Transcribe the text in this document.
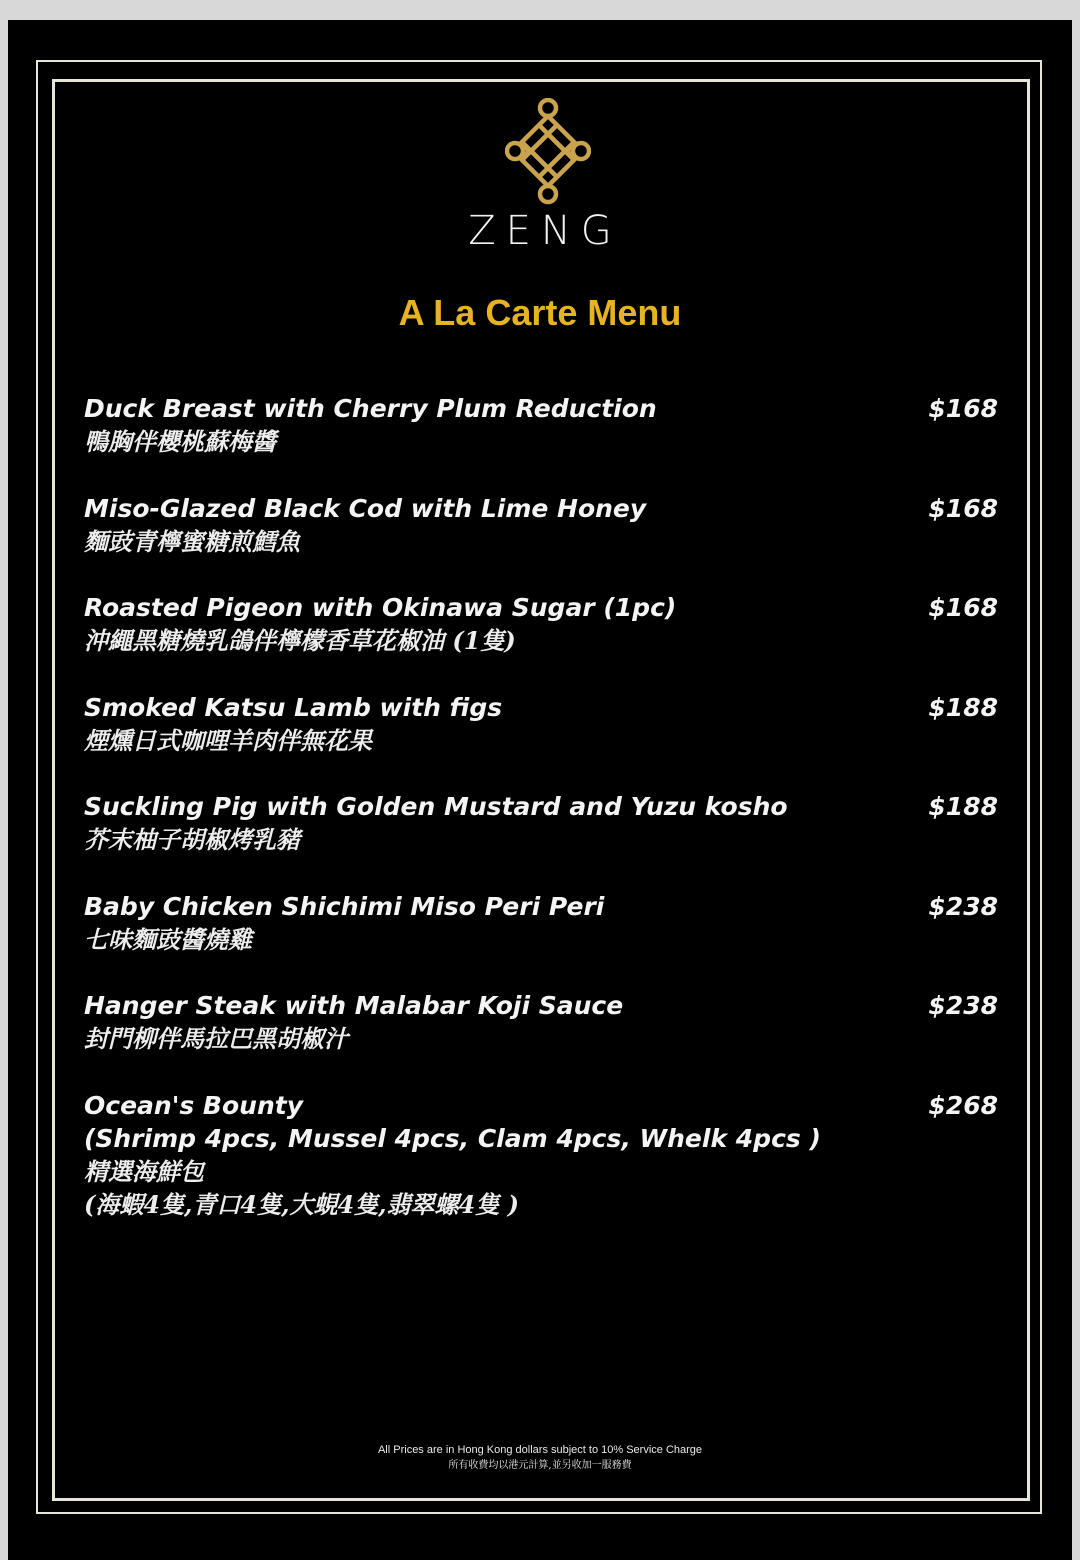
ZENG
A La Carte Menu
Duck Breast with Cherry Plum Reduction
鴨胸伴櫻桃蘇梅醬
$168
Miso-Glazed Black Cod with Lime Honey
麵豉青檸蜜糖煎鱈魚
$168
Roasted Pigeon with Okinawa Sugar (1pc)
沖繩黑糖燒乳鴿伴檸檬香草花椒油 (1隻)
$168
Smoked Katsu Lamb with figs
煙燻日式咖哩羊肉伴無花果
$188
Suckling Pig with Golden Mustard and Yuzu kosho
芥末柚子胡椒烤乳豬
$188
Baby Chicken Shichimi Miso Peri Peri
七味麵豉醬燒雞
$238
Hanger Steak with Malabar Koji Sauce
封門柳伴馬拉巴黑胡椒汁
$238
Ocean's Bounty
(Shrimp 4pcs, Mussel 4pcs, Clam 4pcs, Whelk 4pcs )
精選海鮮包
(海蝦4隻,青口4隻,大蜆4隻,翡翠螺4隻 )
$268
All Prices are in Hong Kong dollars subject to 10% Service Charge
所有收費均以港元計算,並另收加一服務費
